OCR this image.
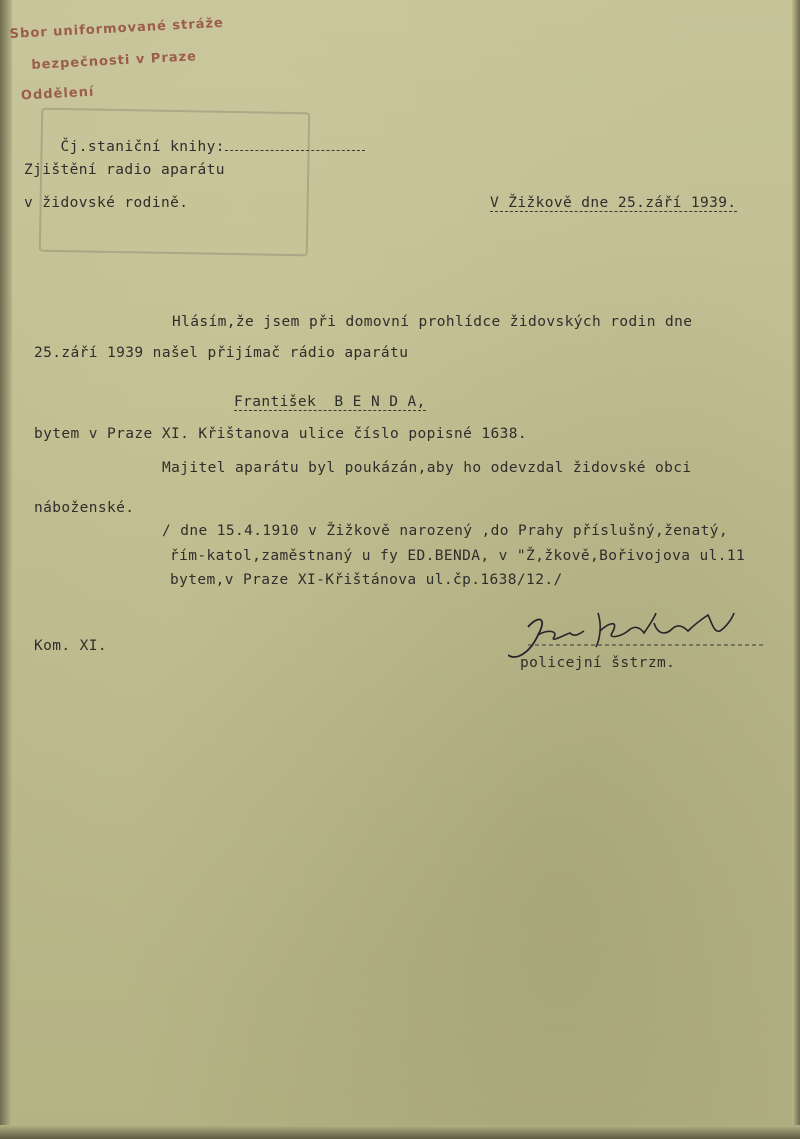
Sbor uniformované stráže
bezpečnosti v Praze
Oddělení

Čj.staniční knihy:

Zjištění radio aparátu
v židovské rodině.	V Žižkově dne 25.září 1939.
Hlásím,že jsem při domovní prohlídce židovských rodin dne
25.září 1939 našel přijímač rádio aparátu
František  B E N D A,
bytem v Praze XI. Křištanova ulice číslo popisné 1638.
Majitel aparátu byl poukázán,aby ho odevzdal židovské obci
náboženské.
/ dne 15.4.1910 v Žižkově narozený ,do Prahy příslušný,ženatý,
řím-katol,zaměstnaný u fy ED.BENDA, v "Ž,žkově,Bořivojova ul.11
bytem,v Praze XI-Křištánova ul.čp.1638/12./
Kom. XI.
policejní šstrzm.
